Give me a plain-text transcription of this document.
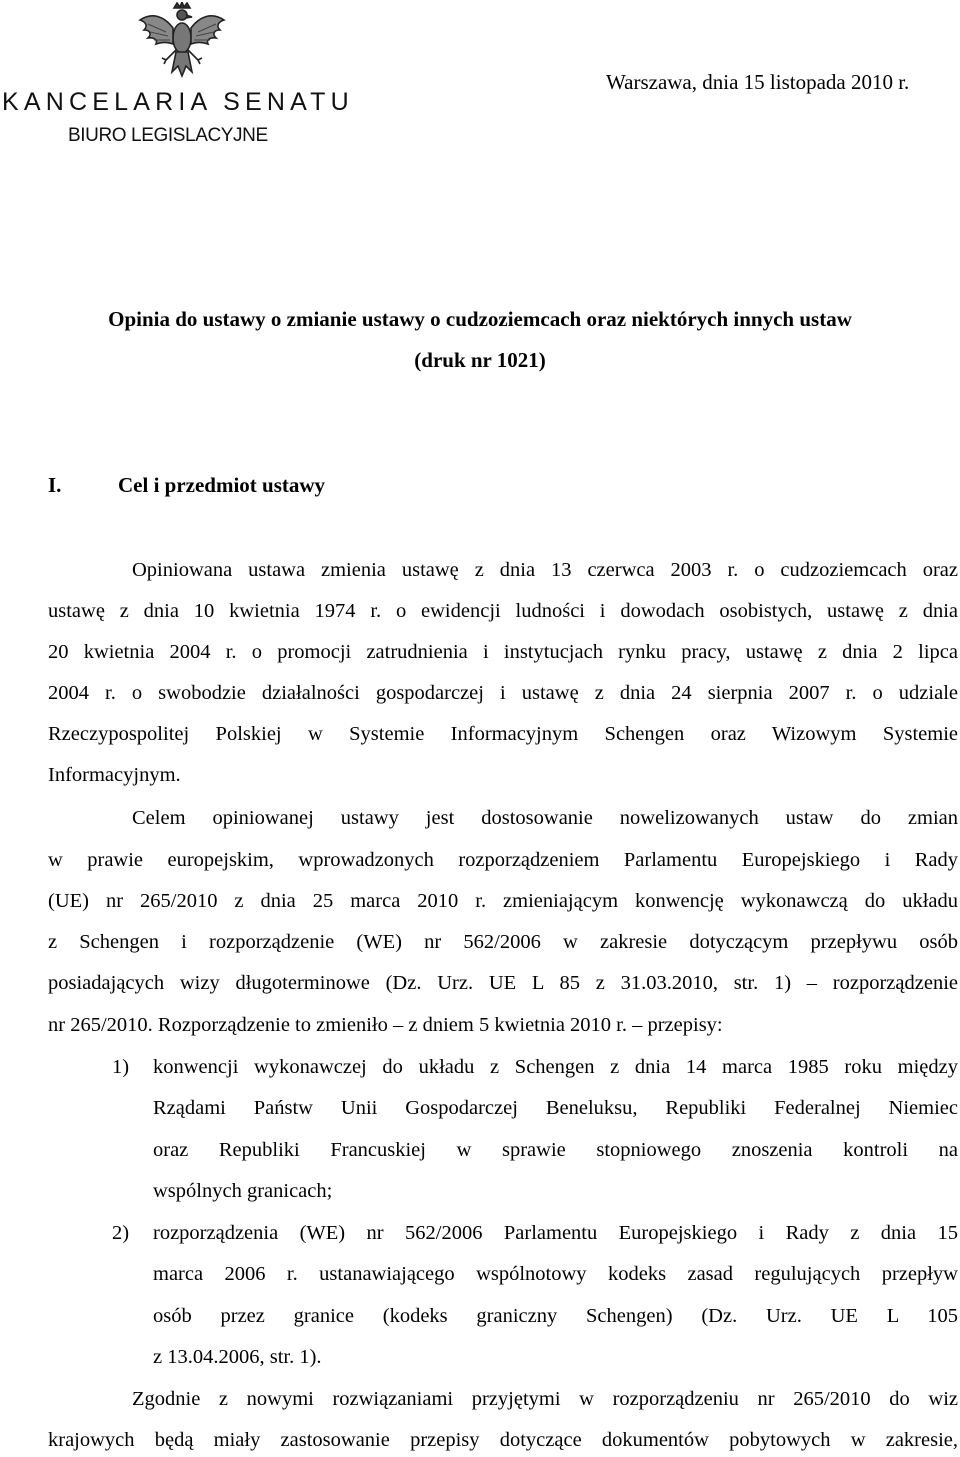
KANCELARIA SENATU
BIURO LEGISLACYJNE
Warszawa, dnia 15 listopada 2010 r.
Opinia do ustawy o zmianie ustawy o cudzoziemcach oraz niektórych innych ustaw
(druk nr 1021)
I.	Cel i przedmiot ustawy
Opiniowana ustawa zmienia ustawę z dnia 13 czerwca 2003 r. o cudzoziemcach oraz
ustawę z dnia 10 kwietnia 1974 r. o ewidencji ludności i dowodach osobistych, ustawę z dnia
20 kwietnia 2004 r. o promocji zatrudnienia i instytucjach rynku pracy, ustawę z dnia 2 lipca
2004 r. o swobodzie działalności gospodarczej i ustawę z dnia 24 sierpnia 2007 r. o udziale
Rzeczypospolitej Polskiej w Systemie Informacyjnym Schengen oraz Wizowym Systemie
Informacyjnym.
Celem opiniowanej ustawy jest dostosowanie nowelizowanych ustaw do zmian
w prawie europejskim, wprowadzonych rozporządzeniem Parlamentu Europejskiego i Rady
(UE) nr 265/2010 z dnia 25 marca 2010 r. zmieniającym konwencję wykonawczą do układu
z Schengen i rozporządzenie (WE) nr 562/2006 w zakresie dotyczącym przepływu osób
posiadających wizy długoterminowe (Dz. Urz. UE L 85 z 31.03.2010, str. 1) – rozporządzenie
nr 265/2010. Rozporządzenie to zmieniło – z dniem 5 kwietnia 2010 r. – przepisy:
1) konwencji wykonawczej do układu z Schengen z dnia 14 marca 1985 roku między
Rządami Państw Unii Gospodarczej Beneluksu, Republiki Federalnej Niemiec
oraz Republiki Francuskiej w sprawie stopniowego znoszenia kontroli na
wspólnych granicach;
2) rozporządzenia (WE) nr 562/2006 Parlamentu Europejskiego i Rady z dnia 15
marca 2006 r. ustanawiającego wspólnotowy kodeks zasad regulujących przepływ
osób przez granice (kodeks graniczny Schengen) (Dz. Urz. UE L 105
z 13.04.2006, str. 1).
Zgodnie z nowymi rozwiązaniami przyjętymi w rozporządzeniu nr 265/2010 do wiz
krajowych będą miały zastosowanie przepisy dotyczące dokumentów pobytowych w zakresie,
